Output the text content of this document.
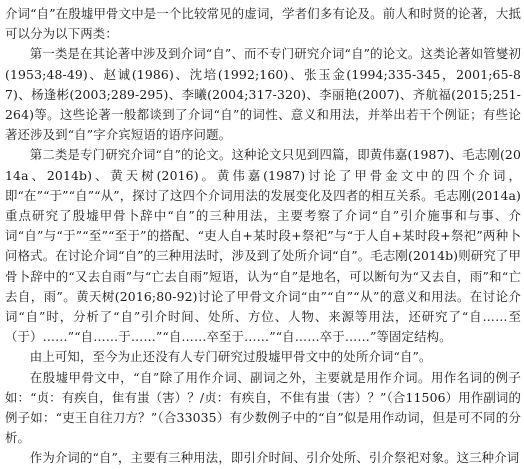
介词“自”在殷墟甲骨文中是一个比较常见的虚词，学者们多有论及。前人和时贤的论著，大抵可以分为以下两类：

第一类是在其论著中涉及到介词“自”、而不专门研究介词“自”的论文。这类论著如管燮初(1953;48-49)、赵诚(1986)、沈培(1992;160)、张玉金(1994;335-345，2001;65-87)、杨逢彬(2003;289-295)、李曦(2004;317-320)、李丽艳(2007)、齐航福(2015;251-264)等。这些论著一般都谈到了介词“自”的词性、意义和用法，并举出若干个例证；有些论著还涉及到“自”字介宾短语的语序问题。

第二类是专门研究介词“自”的论文。这种论文只见到四篇，即黄伟嘉(1987)、毛志刚(2014a、2014b)、黄天树(2016)。黄伟嘉(1987)讨论了甲骨金文中的四个介词，即“在”“于”“自”“从”，探讨了这四个介词用法的发展变化及四者的相互关系。毛志刚(2014a)重点研究了殷墟甲骨卜辞中“自”的三种用法，主要考察了介词“自”引介施事和与事、介词“自”与“于”“至”“至于”的搭配、“吏人自+某时段+祭祀”与“于人自+某时段+祭祀”两种卜问格式。在讨论介词“自”的三种用法时，涉及到了处所介词“自”。毛志刚(2014b)则研究了甲骨卜辞中的“又去自雨”与“亡去自雨”短语，认为“自”是地名，可以断句为“又去自，雨”和“亡去自，雨”。黄天树(2016;80-92)讨论了甲骨文介词“由”“自”“从”的意义和用法。在讨论介词“自”时，分析了“自”引介时间、处所、方位、人物、来源等用法，还研究了“自……至（于）……”“自……于……”“自……卒至于……”“自……卒于……”等固定结构。

由上可知，至今为止还没有人专门研究过殷墟甲骨文中的处所介词“自”。

在殷墟甲骨文中，“自”除了用作介词、副词之外，主要就是用作介词。用作名词的例子如：“贞：有疾自，隹有蚩（害）？/贞：有疾自，不隹有蚩（害）？”（合11506）用作副词的例子如：“吏王自往刀方？”（合33035）有少数例子中的“自”似是用作动词，但是可不同的分析。

作为介词的“自”，主要有三种用法，即引介时间、引介处所、引介祭祀对象。这三种介词
